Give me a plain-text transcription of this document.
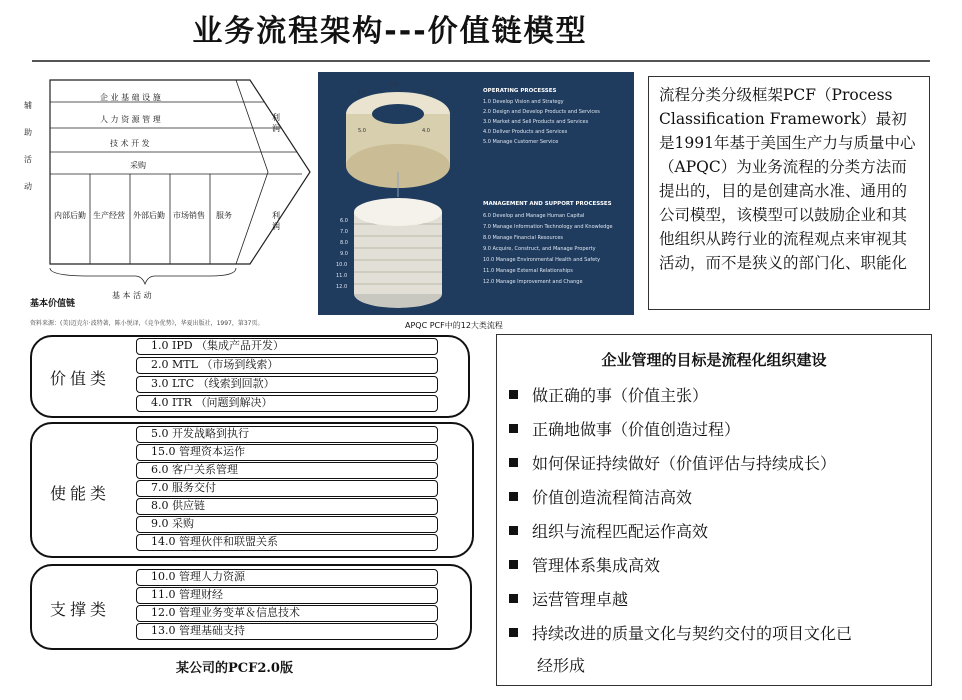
业务流程架构---价值链模型
辅助活动
企 业 基 础 设 施
人 力 资 源 管 理
技 术 开 发
采购
内部后勤 生产经营 外部后勤 市场销售 服务
利润
利润
基 本 活 动
基本价值链
资料来源：(美)迈克尔·波特著，陈小悦译，《竞争优势》，华夏出版社，1997，第37页。
1.0
2.0
3.0
4.0
5.0
6.0
7.0
8.0
9.0
10.0
11.0
12.0
OPERATING PROCESSES
1.0 Develop Vision and Strategy
2.0 Design and Develop Products and Services
3.0 Market and Sell Products and Services
4.0 Deliver Products and Services
5.0 Manage Customer Service
MANAGEMENT AND SUPPORT PROCESSES
6.0 Develop and Manage Human Capital
7.0 Manage Information Technology and Knowledge
8.0 Manage Financial Resources
9.0 Acquire, Construct, and Manage Property
10.0 Manage Environmental Health and Safety
11.0 Manage External Relationships
12.0 Manage Improvement and Change
APQC PCF中的12大类流程
流程分类分级框架PCF（Process Classification Framework）最初是1991年基于美国生产力与质量中心（APQC）为业务流程的分类方法而提出的，目的是创建高水准、通用的公司模型，该模型可以鼓励企业和其他组织从跨行业的流程观点来审视其活动，而不是狭义的部门化、职能化
价值类
1.0 IPD （集成产品开发）
2.0 MTL （市场到线索）
3.0 LTC （线索到回款）
4.0 ITR （问题到解决）
使能类
5.0 开发战略到执行
15.0 管理资本运作
6.0 客户关系管理
7.0 服务交付
8.0 供应链
9.0 采购
14.0 管理伙伴和联盟关系
支撑类
10.0 管理人力资源
11.0 管理财经
12.0 管理业务变革＆信息技术
13.0 管理基础支持
某公司的PCF2.0版
企业管理的目标是流程化组织建设
做正确的事（价值主张）
正确地做事（价值创造过程）
如何保证持续做好（价值评估与持续成长）
价值创造流程简洁高效
组织与流程匹配运作高效
管理体系集成高效
运营管理卓越
持续改进的质量文化与契约交付的项目文化已
经形成
